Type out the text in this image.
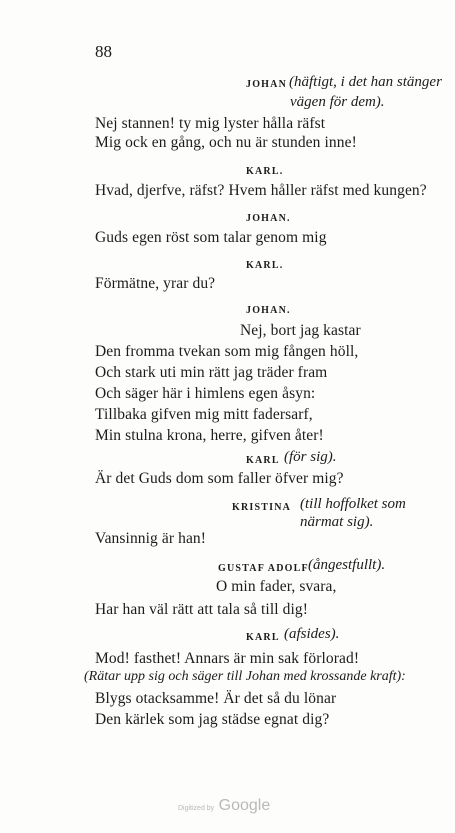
88
JOHAN (häftigt, i det han stänger
vägen för dem).
Nej stannen! ty mig lyster hålla räfst
Mig ock en gång, och nu är stunden inne!
KARL.
Hvad, djerfve, räfst? Hvem håller räfst med kungen?
JOHAN.
Guds egen röst som talar genom mig
KARL.
Förmätne, yrar du?
JOHAN.
Nej, bort jag kastar
Den fromma tvekan som mig fången höll,
Och stark uti min rätt jag träder fram
Och säger här i himlens egen åsyn:
Tillbaka gifven mig mitt fadersarf,
Min stulna krona, herre, gifven åter!
KARL (för sig).
Är det Guds dom som faller öfver mig?
KRISTINA (till hoffolket som
närmat sig).
Vansinnig är han!
GUSTAF ADOLF (ångestfullt).
O min fader, svara,
Har han väl rätt att tala så till dig!
KARL (afsides).
Mod! fasthet! Annars är min sak förlorad!
(Rätar upp sig och säger till Johan med krossande kraft):
Blygs otacksamme! Är det så du lönar
Den kärlek som jag städse egnat dig?
Digitized by Google
